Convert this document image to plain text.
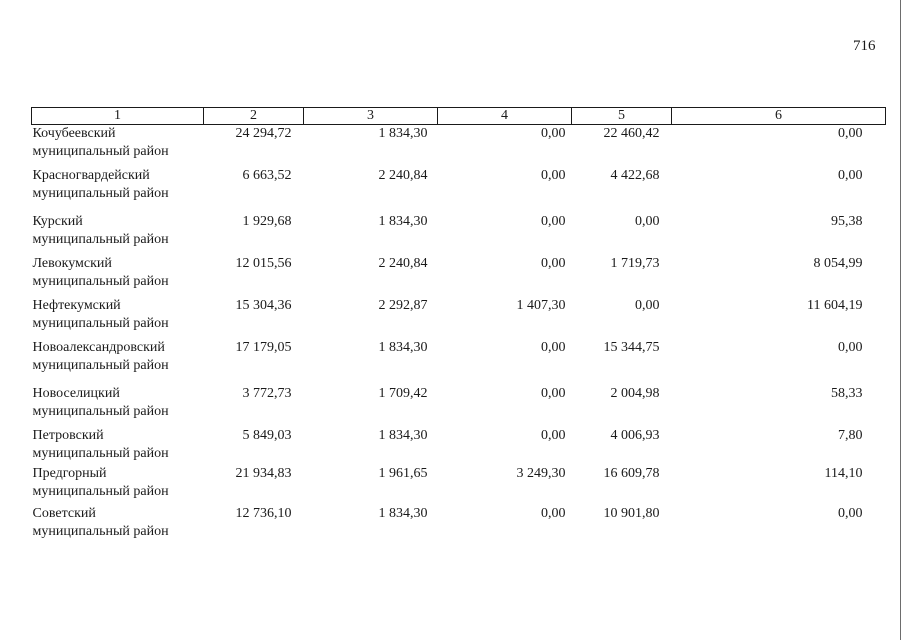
716
1	2	3	4	5	6

Кочубеевский
муниципальный район	24 294,72	1 834,30	0,00	22 460,42	0,00

Красногвардейский
муниципальный район	6 663,52	2 240,84	0,00	4 422,68	0,00

Курский
муниципальный район	1 929,68	1 834,30	0,00	0,00	95,38

Левокумский
муниципальный район	12 015,56	2 240,84	0,00	1 719,73	8 054,99

Нефтекумский
муниципальный район	15 304,36	2 292,87	1 407,30	0,00	11 604,19

Новоалександровский
муниципальный район	17 179,05	1 834,30	0,00	15 344,75	0,00

Новоселицкий
муниципальный район	3 772,73	1 709,42	0,00	2 004,98	58,33

Петровский
муниципальный район	5 849,03	1 834,30	0,00	4 006,93	7,80

Предгорный
муниципальный район	21 934,83	1 961,65	3 249,30	16 609,78	114,10

Советский
муниципальный район	12 736,10	1 834,30	0,00	10 901,80	0,00
